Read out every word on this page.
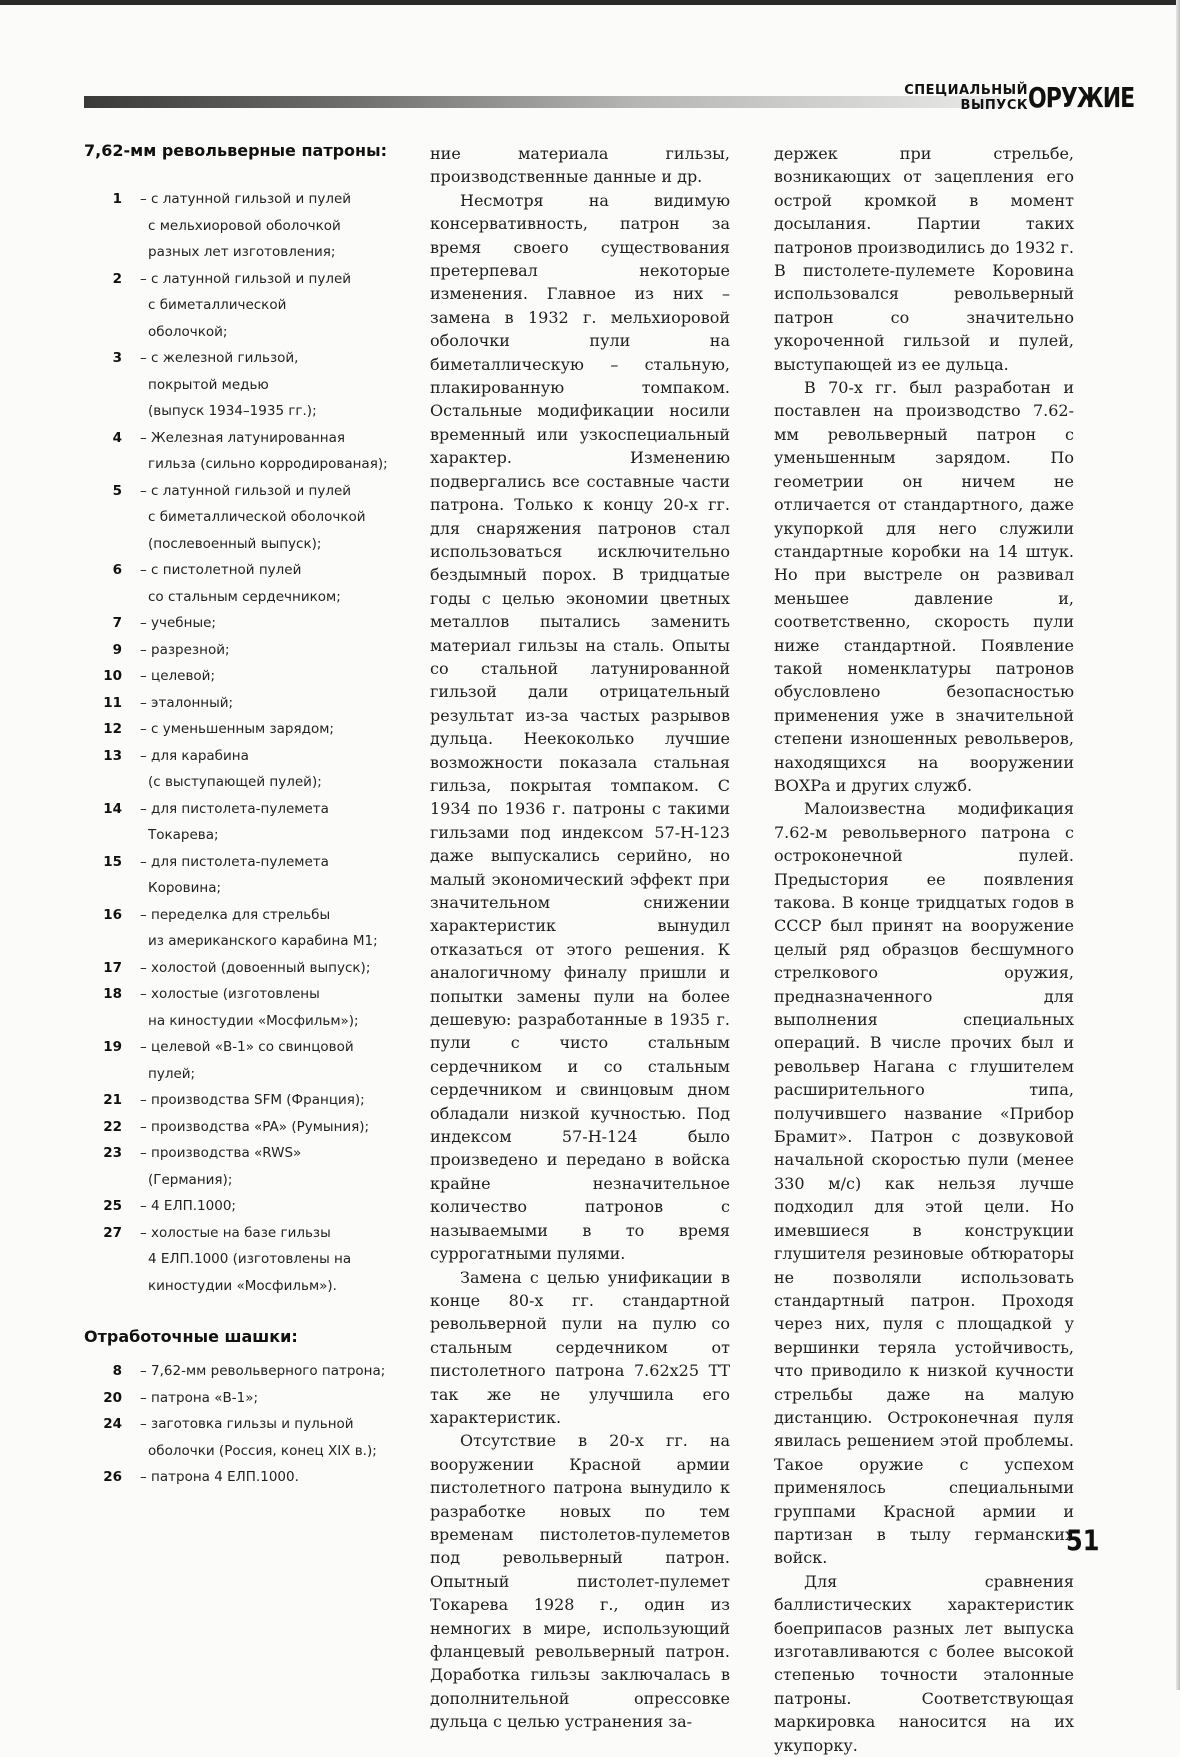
СПЕЦИАЛЬНЫЙ
ВЫПУСК ОРУЖИЕ
7,62-мм револьверные патроны:
1 – с латунной гильзой и пулей
с мельхиоровой оболочкой
разных лет изготовления;
2 – с латунной гильзой и пулей
с биметаллической
оболочкой;
3 – с железной гильзой,
покрытой медью
(выпуск 1934–1935 гг.);
4 – Железная латунированная
гильза (сильно корродированая);
5 – с латунной гильзой и пулей
с биметаллической оболочкой
(послевоенный выпуск);
6 – с пистолетной пулей
со стальным сердечником;
7 – учебные;
9 – разрезной;
10 – целевой;
11 – эталонный;
12 – с уменьшенным зарядом;
13 – для карабина
(с выступающей пулей);
14 – для пистолета-пулемета
Токарева;
15 – для пистолета-пулемета
Коровина;
16 – переделка для стрельбы
из американского карабина М1;
17 – холостой (довоенный выпуск);
18 – холостые (изготовлены
на киностудии «Мосфильм»);
19 – целевой «В-1» со свинцовой
пулей;
21 – производства SFM (Франция);
22 – производства «PA» (Румыния);
23 – производства «RWS»
(Германия);
25 – 4 ЕЛП.1000;
27 – холостые на базе гильзы
4 ЕЛП.1000 (изготовлены на
киностудии «Мосфильм»).
Отработочные шашки:
8 – 7,62-мм револьверного патрона;
20 – патрона «В-1»;
24 – заготовка гильзы и пульной
оболочки (Россия, конец XIX в.);
26 – патрона 4 ЕЛП.1000.

ние материала гильзы, производственные данные и др.

Несмотря на видимую консервативность, патрон за время своего существования претерпевал некоторые изменения. Главное из них – замена в 1932 г. мельхиоровой оболочки пули на биметаллическую – стальную, плакированную томпаком. Остальные модификации носили временный или узкоспециальный характер. Изменению подвергались все составные части патрона. Только к концу 20-х гг. для снаряжения патронов стал использоваться исключительно бездымный порох. В тридцатые годы с целью экономии цветных металлов пытались заменить материал гильзы на сталь. Опыты со стальной латунированной гильзой дали отрицательный результат из-за частых разрывов дульца. Неекоколько лучшие возможности показала стальная гильза, покрытая томпаком. С 1934 по 1936 г. патроны с такими гильзами под индексом 57-Н-123 даже выпускались серийно, но малый экономический эффект при значительном снижении характеристик вынудил отказаться от этого решения. К аналогичному финалу пришли и попытки замены пули на более дешевую: разработанные в 1935 г. пули с чисто стальным сердечником и со стальным сердечником и свинцовым дном обладали низкой кучностью. Под индексом 57-Н-124 было произведено и передано в войска крайне незначительное количество патронов с называемыми в то время суррогатными пулями.

Замена с целью унификации в конце 80-х гг. стандартной револьверной пули на пулю со стальным сердечником от пистолетного патрона 7.62х25 ТТ так же не улучшила его характеристик.

Отсутствие в 20-х гг. на вооружении Красной армии пистолетного патрона вынудило к разработке новых по тем временам пистолетов-пулеметов под револьверный патрон. Опытный пистолет-пулемет Токарева 1928 г., один из немногих в мире, использующий фланцевый револьверный патрон. Доработка гильзы заключалась в дополнительной опрессовке дульца с целью устранения за-

держек при стрельбе, возникающих от зацепления его острой кромкой в момент досылания. Партии таких патронов производились до 1932 г. В пистолете-пулемете Коровина использовался револьверный патрон со значительно укороченной гильзой и пулей, выступающей из ее дульца.

В 70-х гг. был разработан и поставлен на производство 7.62-мм револьверный патрон с уменьшенным зарядом. По геометрии он ничем не отличается от стандартного, даже укупоркой для него служили стандартные коробки на 14 штук. Но при выстреле он развивал меньшее давление и, соответственно, скорость пули ниже стандартной. Появление такой номенклатуры патронов обусловлено безопасностью применения уже в значительной степени изношенных револьверов, находящихся на вооружении ВОХРа и других служб.

Малоизвестна модификация 7.62-м револьверного патрона с остроконечной пулей. Предыстория ее появления такова. В конце тридцатых годов в СССР был принят на вооружение целый ряд образцов бесшумного стрелкового оружия, предназначенного для выполнения специальных операций. В числе прочих был и револьвер Нагана с глушителем расширительного типа, получившего название «Прибор Брамит». Патрон с дозвуковой начальной скоростью пули (менее 330 м/с) как нельзя лучше подходил для этой цели. Но имевшиеся в конструкции глушителя резиновые обтюраторы не позволяли использовать стандартный патрон. Проходя через них, пуля с площадкой у вершинки теряла устойчивость, что приводило к низкой кучности стрельбы даже на малую дистанцию. Остроконечная пуля явилась решением этой проблемы. Такое оружие с успехом применялось специальными группами Красной армии и партизан в тылу германских войск.

Для сравнения баллистических характеристик боеприпасов разных лет выпуска изготавливаются с более высокой степенью точности эталонные патроны. Соответствующая маркировка наносится на их укупорку.

51
